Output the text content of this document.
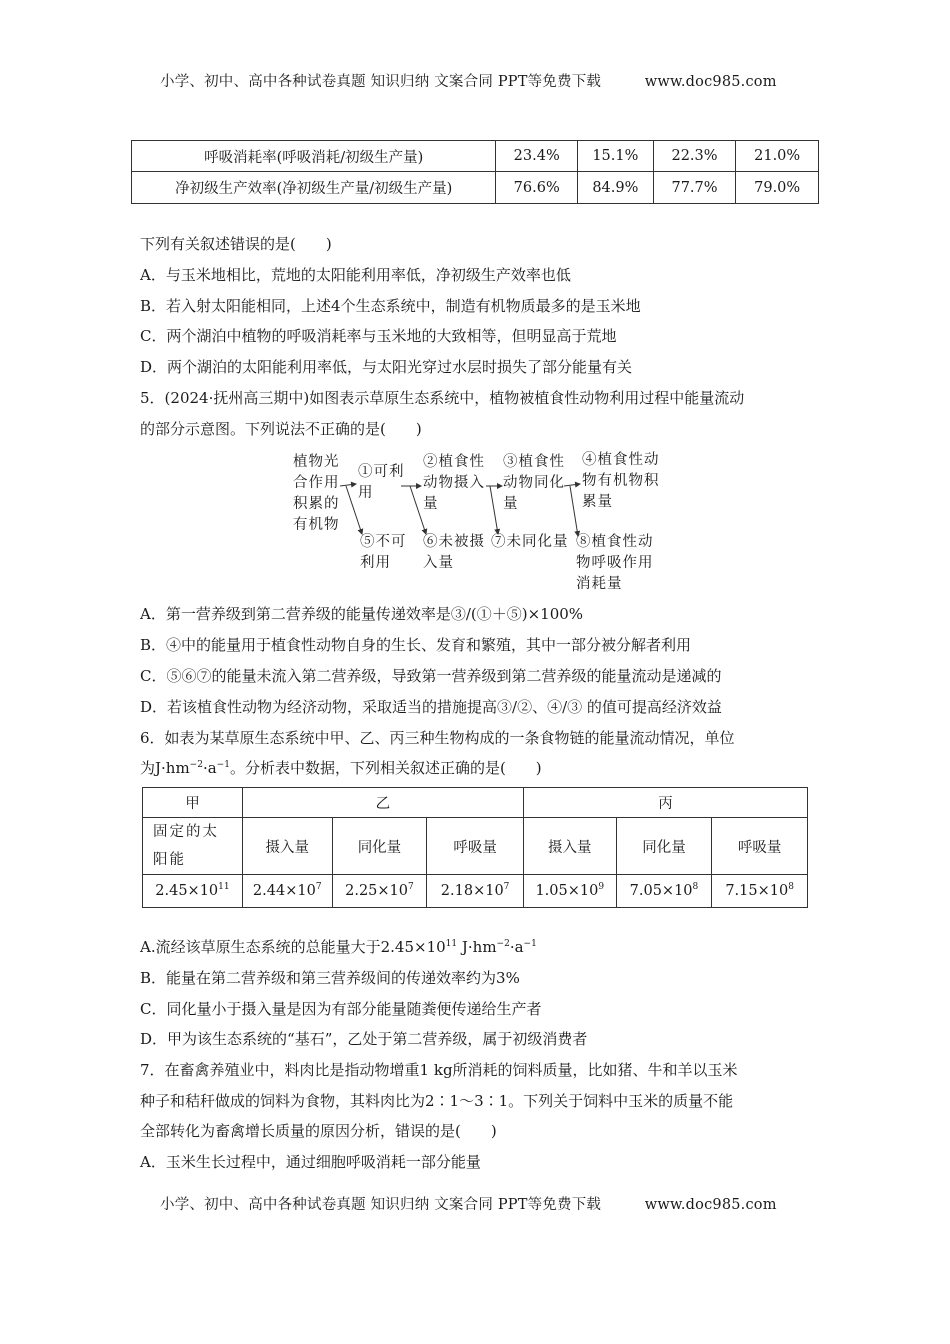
小学、初中、高中各种试卷真题 知识归纳 文案合同 PPT等免费下载	www.doc985.com
呼吸消耗率(呼吸消耗/初级生产量)	23.4%	15.1%	22.3%	21.0%
净初级生产效率(净初级生产量/初级生产量)	76.6%	84.9%	77.7%	79.0%
下列有关叙述错误的是(　　)
A．与玉米地相比，荒地的太阳能利用率低，净初级生产效率也低
B．若入射太阳能相同，上述4个生态系统中，制造有机物质最多的是玉米地
C．两个湖泊中植物的呼吸消耗率与玉米地的大致相等，但明显高于荒地
D．两个湖泊的太阳能利用率低，与太阳光穿过水层时损失了部分能量有关
5．(2024·抚州高三期中)如图表示草原生态系统中，植物被植食性动物利用过程中能量流动
的部分示意图。下列说法不正确的是(　　)
植物光
合作用
积累的
有机物
①可利
用
⑤不可
利用
②植食性
动物摄入
量
⑥未被摄
入量
③植食性
动物同化
量
⑦未同化量
④植食性动
物有机物积
累量
⑧植食性动
物呼吸作用
消耗量
A．第一营养级到第二营养级的能量传递效率是③/(①＋⑤)×100%
B．④中的能量用于植食性动物自身的生长、发育和繁殖，其中一部分被分解者利用
C．⑤⑥⑦的能量未流入第二营养级，导致第一营养级到第二营养级的能量流动是递减的
D．若该植食性动物为经济动物，采取适当的措施提高③/②、④/③ 的值可提高经济效益
6．如表为某草原生态系统中甲、乙、丙三种生物构成的一条食物链的能量流动情况，单位
为$J\cdot hm^{-2}\cdot a^{-1}$。分析表中数据，下列相关叙述正确的是(　　)
甲	乙			丙		

固定的太阳能	摄入量	同化量	呼吸量	摄入量	同化量	呼吸量
$2.45\times 10^{11}$	$2.44\times 10^7$	$2.25\times 10^7$	$2.18\times 10^7$	$1.05\times 10^9$	$7.05\times 10^8$	$7.15\times 10^8$
A.流经该草原生态系统的总能量大于$2.45\times 10^{11}$ $J\cdot hm^{-2}\cdot a^{-1}$
B．能量在第二营养级和第三营养级间的传递效率约为3%
C．同化量小于摄入量是因为有部分能量随粪便传递给生产者
D．甲为该生态系统的“基石”，乙处于第二营养级，属于初级消费者
7．在畜禽养殖业中，料肉比是指动物增重1 kg所消耗的饲料质量，比如猪、牛和羊以玉米
种子和秸秆做成的饲料为食物，其料肉比为2∶1～3∶1。下列关于饲料中玉米的质量不能
全部转化为畜禽增长质量的原因分析，错误的是(　　)
A．玉米生长过程中，通过细胞呼吸消耗一部分能量
小学、初中、高中各种试卷真题 知识归纳 文案合同 PPT等免费下载	www.doc985.com
